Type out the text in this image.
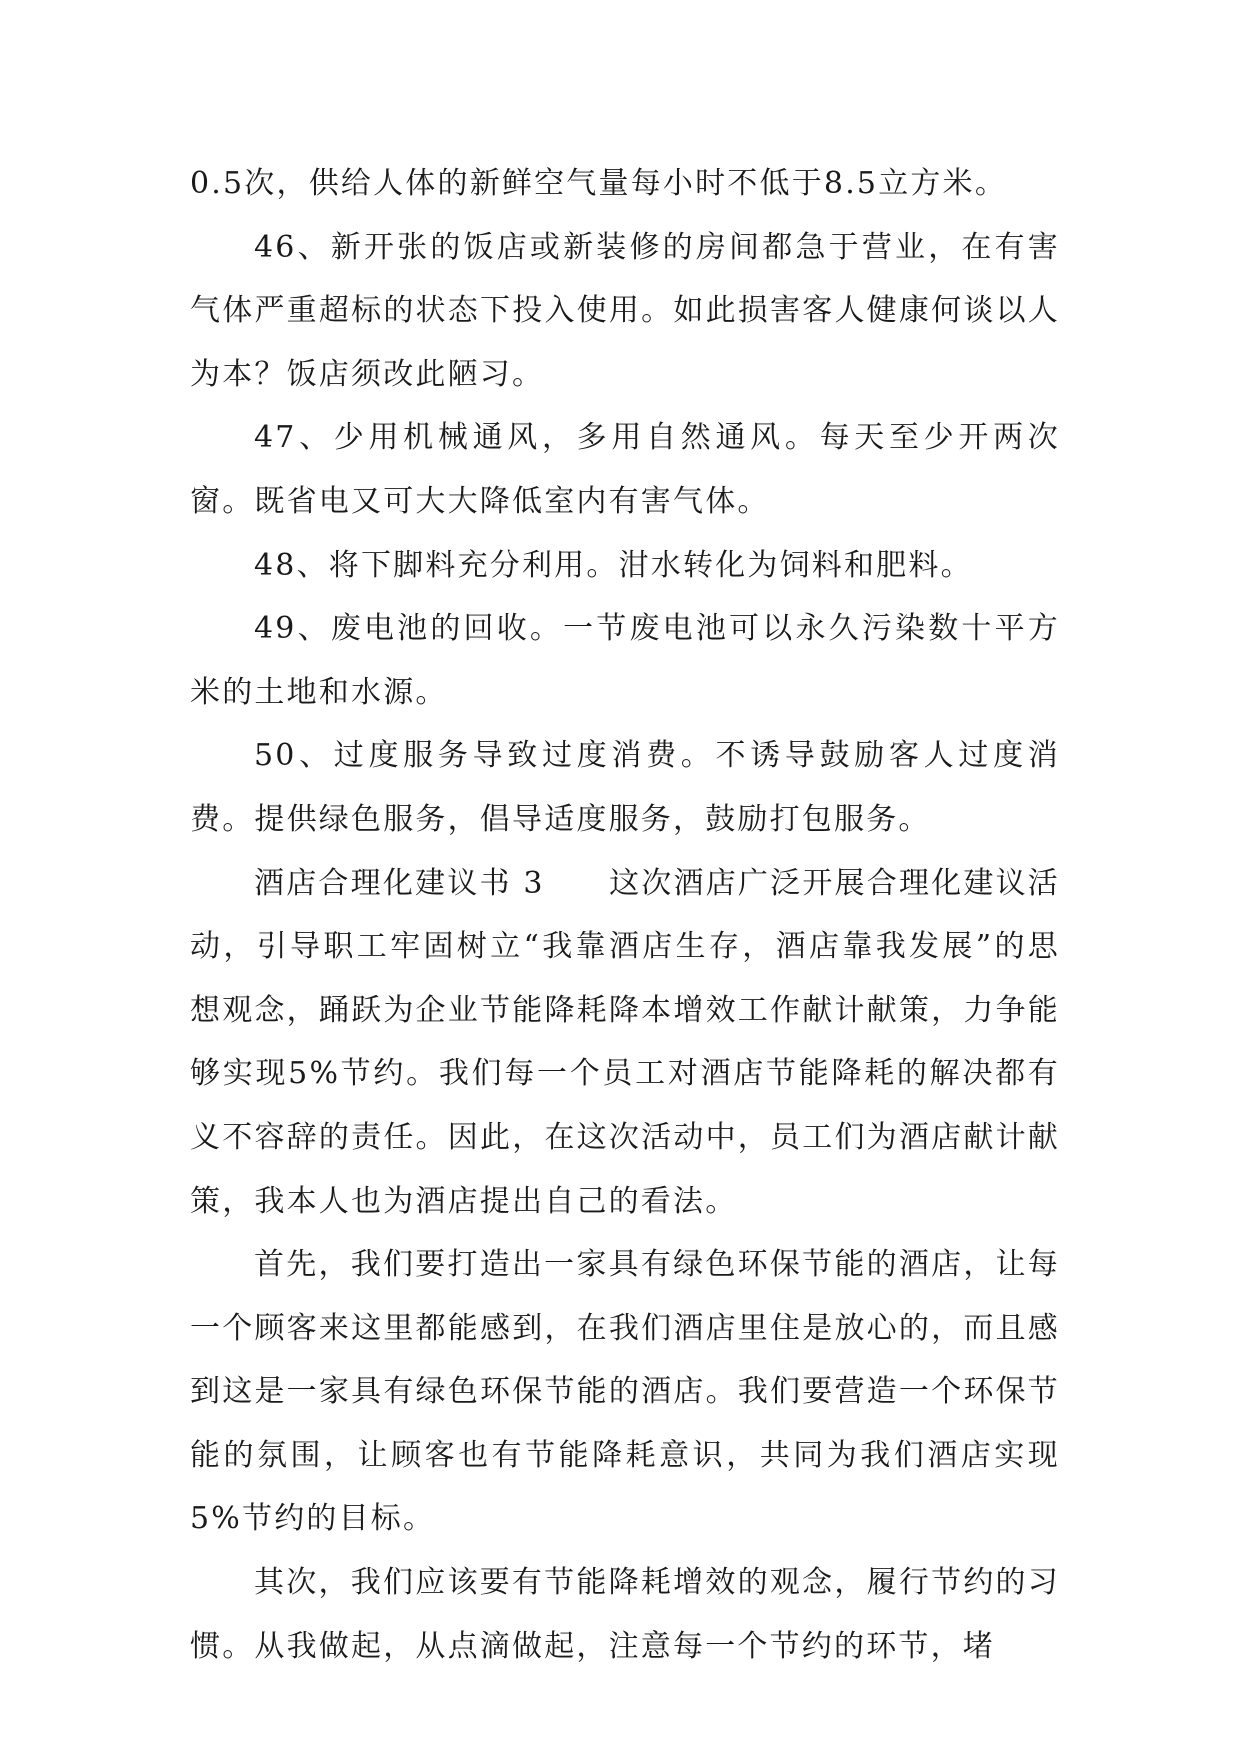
0.5次，供给人体的新鲜空气量每小时不低于8.5立方米。

46、新开张的饭店或新装修的房间都急于营业，在有害气体严重超标的状态下投入使用。如此损害客人健康何谈以人为本？饭店须改此陋习。

47、少用机械通风，多用自然通风。每天至少开两次窗。既省电又可大大降低室内有害气体。

48、将下脚料充分利用。泔水转化为饲料和肥料。

49、废电池的回收。一节废电池可以永久污染数十平方米的土地和水源。

50、过度服务导致过度消费。不诱导鼓励客人过度消费。提供绿色服务，倡导适度服务，鼓励打包服务。

酒店合理化建议书 3　　这次酒店广泛开展合理化建议活动，引导职工牢固树立“我靠酒店生存，酒店靠我发展”的思想观念，踊跃为企业节能降耗降本增效工作献计献策，力争能够实现5%节约。我们每一个员工对酒店节能降耗的解决都有义不容辞的责任。因此，在这次活动中，员工们为酒店献计献策，我本人也为酒店提出自己的看法。

首先，我们要打造出一家具有绿色环保节能的酒店，让每一个顾客来这里都能感到，在我们酒店里住是放心的，而且感到这是一家具有绿色环保节能的酒店。我们要营造一个环保节能的氛围，让顾客也有节能降耗意识，共同为我们酒店实现5%节约的目标。

其次，我们应该要有节能降耗增效的观念，履行节约的习惯。从我做起，从点滴做起，注意每一个节约的环节，堵
